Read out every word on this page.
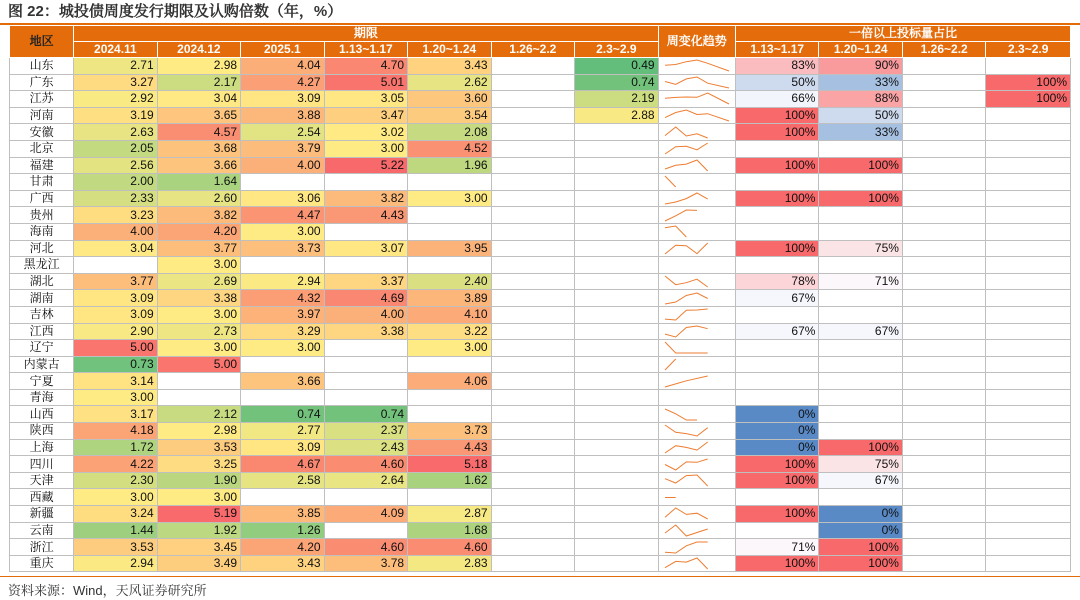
图 22：城投债周度发行期限及认购倍数（年，%）
地区	期限							周变化趋势	一倍以上投标量占比			
	2024.11	2024.12	2025.1	1.13~1.17	1.20~1.24	1.26~2.2	2.3~2.9		1.13~1.17	1.20~1.24	1.26~2.2	2.3~2.9
山东	2.71	2.98	4.04	4.70	3.43		0.49		83%	90%		
广东	3.27	2.17	4.27	5.01	2.62		0.74		50%	33%		100%
江苏	2.92	3.04	3.09	3.05	3.60		2.19		66%	88%		100%
河南	3.19	3.65	3.88	3.47	3.54		2.88		100%	50%		
安徽	2.63	4.57	2.54	3.02	2.08				100%	33%		
北京	2.05	3.68	3.79	3.00	4.52			

福建	2.56	3.66	4.00	5.22	1.96				100%	100%		
甘肃	2.00	1.64						

广西	2.33	2.60	3.06	3.82	3.00				100%	100%		
贵州	3.23	3.82	4.47	4.43				

海南	4.00	4.20	3.00					

河北	3.04	3.77	3.73	3.07	3.95				100%	75%		
黑龙江		3.00						

湖北	3.77	2.69	2.94	3.37	2.40				78%	71%		
湖南	3.09	3.38	4.32	4.69	3.89				67%			
吉林	3.09	3.00	3.97	4.00	4.10			

江西	2.90	2.73	3.29	3.38	3.22				67%	67%		
辽宁	5.00	3.00	3.00		3.00			

内蒙古	0.73	5.00						

宁夏	3.14		3.66		4.06			

青海	3.00							

山西	3.17	2.12	0.74	0.74					0%			
陕西	4.18	2.98	2.77	2.37	3.73				0%			
上海	1.72	3.53	3.09	2.43	4.43				0%	100%		
四川	4.22	3.25	4.67	4.60	5.18				100%	75%		
天津	2.30	1.90	2.58	2.64	1.62				100%	67%		
西藏	3.00	3.00						

新疆	3.24	5.19	3.85	4.09	2.87				100%	0%		
云南	1.44	1.92	1.26		1.68					0%		
浙江	3.53	3.45	4.20	4.60	4.60				71%	100%		
重庆	2.94	3.49	3.43	3.78	2.83				100%	100%		
资料来源：Wind，天风证券研究所
